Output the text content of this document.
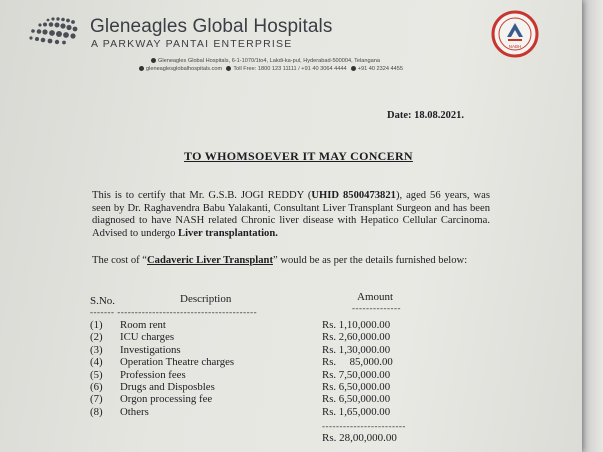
Gleneagles Global Hospitals
A PARKWAY PANTAI ENTERPRISE	NABH
Gleneagles Global Hospitals, 6-1-1070/1to4, Lakdi-ka-pul, Hyderabad-500004, Telangana
gleneaglesglobalhospitals.com Toll Free: 1800 123 11111 / +91 40 3064 4444 +91 40 2324 4455
Date: 18.08.2021.
TO WHOMSOEVER IT MAY CONCERN
This is to certify that Mr. G.S.B. JOGI REDDY (UHID 8500473821), aged 56 years, was seen by Dr. Raghavendra Babu Yalakanti, Consultant Liver Transplant Surgeon and has been diagnosed to have NASH related Chronic liver disease with Hepatico Cellular Carcinoma. Advised to undergo Liver transplantation.
The cost of “Cadaveric Liver Transplant” would be as per the details furnished below:
S.No.	Description	Amount
------- ----------------------------------------	--------------
(1) Room rent	Rs. 1,10,000.00
(2) ICU charges	Rs. 2,60,000.00
(3) Investigations	Rs. 1,30,000.00
(4) Operation Theatre charges	Rs.     85,000.00
(5) Profession fees	Rs. 7,50,000.00
(6) Drugs and Disposbles	Rs. 6,50,000.00
(7) Orgon processing fee	Rs. 6,50,000.00
(8) Others	Rs. 1,65,000.00
------------------------
Rs. 28,00,000.00
